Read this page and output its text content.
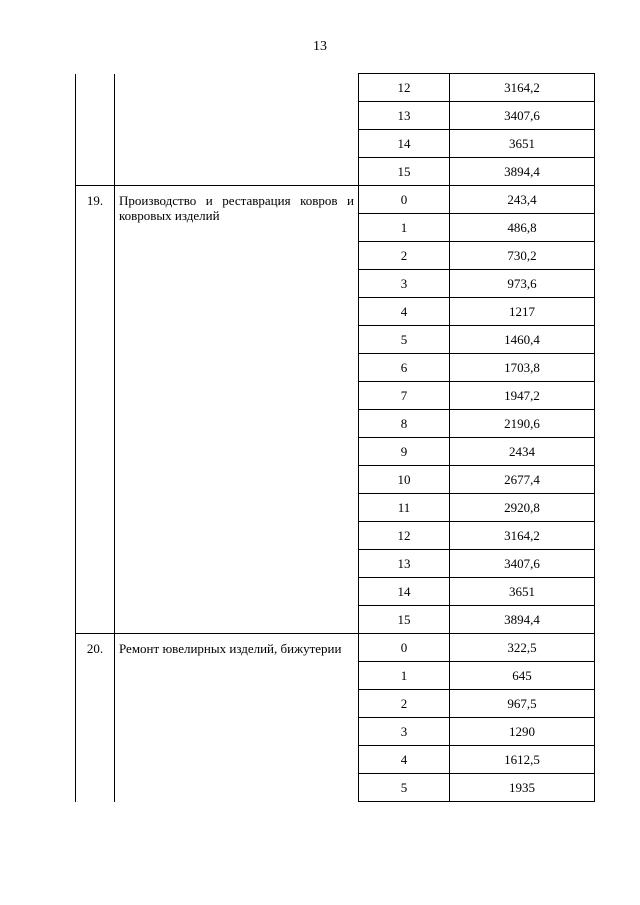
13
		12	3164,2
		13	3407,6
		14	3651
		15	3894,4
19.	Производство и реставрация ковров и ковровых изделий	0	243,4
		1	486,8
		2	730,2
		3	973,6
		4	1217
		5	1460,4
		6	1703,8
		7	1947,2
		8	2190,6
		9	2434
		10	2677,4
		11	2920,8
		12	3164,2
		13	3407,6
		14	3651
		15	3894,4
20.	Ремонт ювелирных изделий, бижутерии	0	322,5
		1	645
		2	967,5
		3	1290
		4	1612,5
		5	1935
